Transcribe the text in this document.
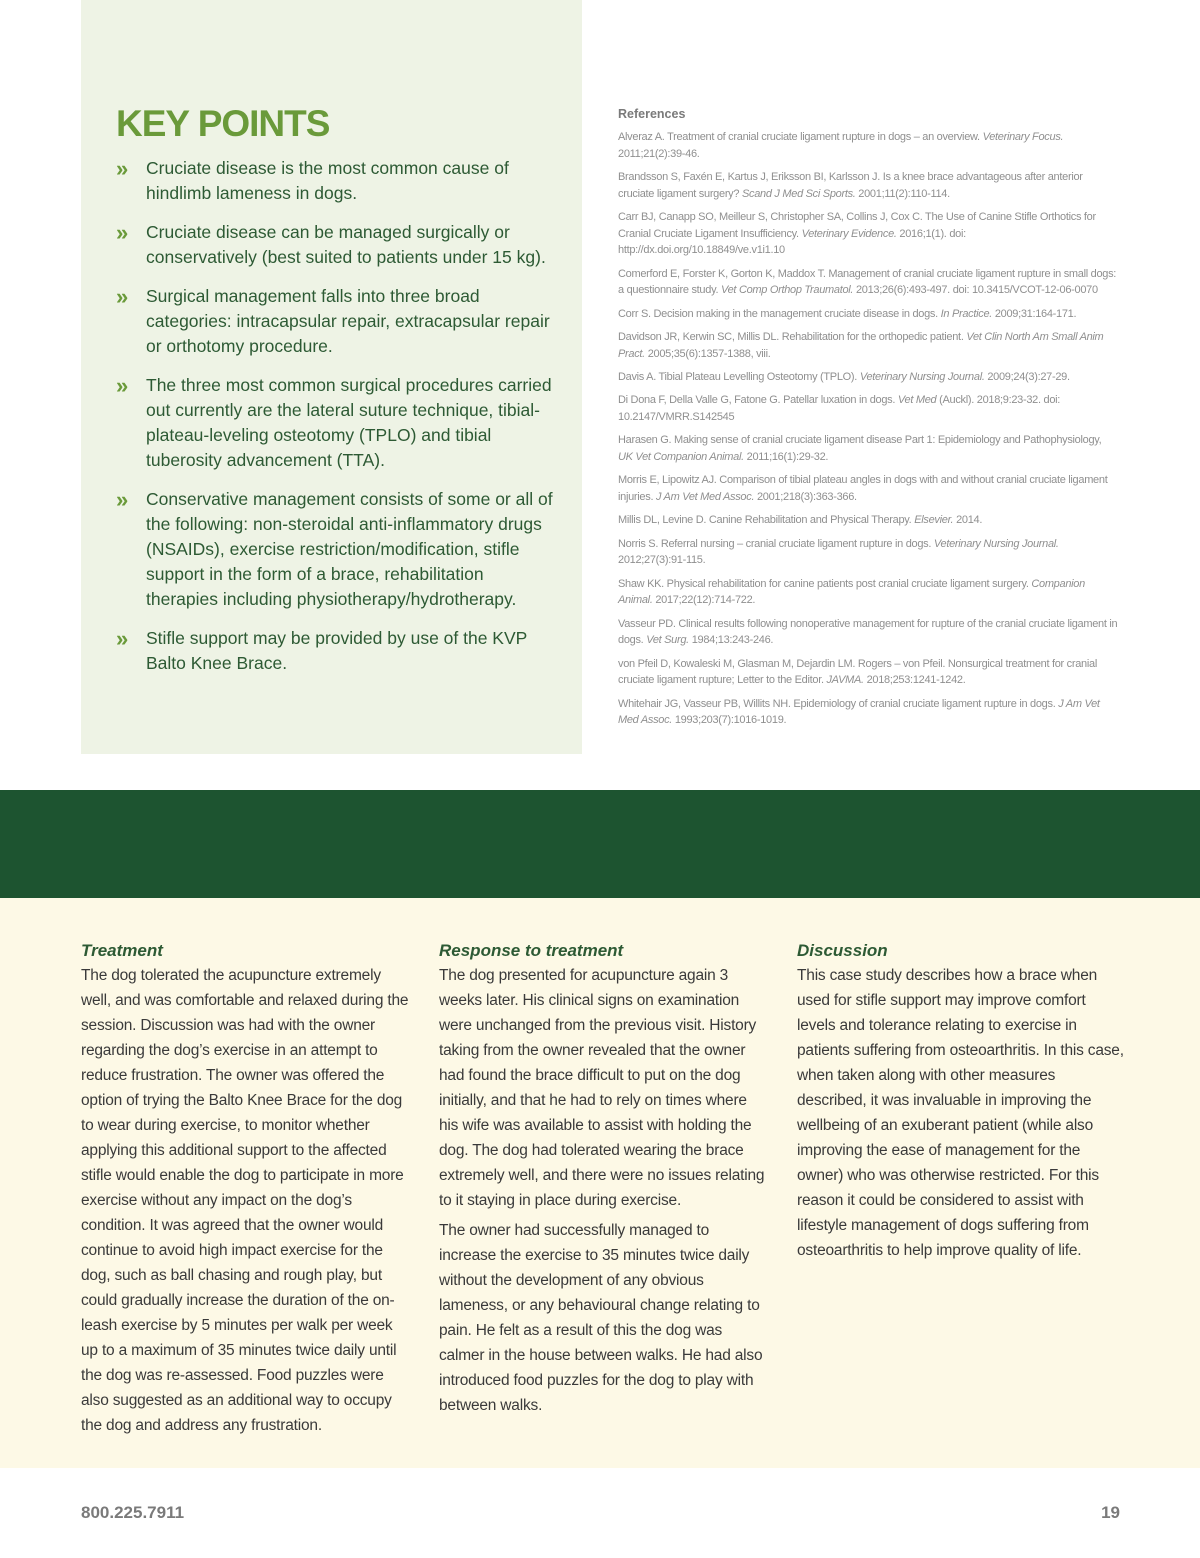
KEY POINTS
» Cruciate disease is the most common cause of hindlimb lameness in dogs.
» Cruciate disease can be managed surgically or conservatively (best suited to patients under 15 kg).
» Surgical management falls into three broad categories: intracapsular repair, extracapsular repair or orthotomy procedure.
» The three most common surgical procedures carried out currently are the lateral suture technique, tibial-plateau-leveling osteotomy (TPLO) and tibial tuberosity advancement (TTA).
» Conservative management consists of some or all of the following: non-steroidal anti-inflammatory drugs (NSAIDs), exercise restriction/modification, stifle support in the form of a brace, rehabilitation therapies including physiotherapy/hydrotherapy.
» Stifle support may be provided by use of the KVP Balto Knee Brace.
References
Alveraz A. Treatment of cranial cruciate ligament rupture in dogs – an overview. Veterinary Focus. 2011;21(2):39-46.
Brandsson S, Faxén E, Kartus J, Eriksson BI, Karlsson J. Is a knee brace advantageous after anterior cruciate ligament surgery? Scand J Med Sci Sports. 2001;11(2):110-114.
Carr BJ, Canapp SO, Meilleur S, Christopher SA, Collins J, Cox C. The Use of Canine Stifle Orthotics for Cranial Cruciate Ligament Insufficiency. Veterinary Evidence. 2016;1(1). doi: http://dx.doi.org/10.18849/ve.v1i1.10
Comerford E, Forster K, Gorton K, Maddox T. Management of cranial cruciate ligament rupture in small dogs: a questionnaire study. Vet Comp Orthop Traumatol. 2013;26(6):493-497. doi: 10.3415/VCOT-12-06-0070
Corr S. Decision making in the management cruciate disease in dogs. In Practice. 2009;31:164-171.
Davidson JR, Kerwin SC, Millis DL. Rehabilitation for the orthopedic patient. Vet Clin North Am Small Anim Pract. 2005;35(6):1357-1388, viii.
Davis A. Tibial Plateau Levelling Osteotomy (TPLO). Veterinary Nursing Journal. 2009;24(3):27-29.
Di Dona F, Della Valle G, Fatone G. Patellar luxation in dogs. Vet Med (Auckl). 2018;9:23-32. doi: 10.2147/VMRR.S142545
Harasen G. Making sense of cranial cruciate ligament disease Part 1: Epidemiology and Pathophysiology, UK Vet Companion Animal. 2011;16(1):29-32.
Morris E, Lipowitz AJ. Comparison of tibial plateau angles in dogs with and without cranial cruciate ligament injuries. J Am Vet Med Assoc. 2001;218(3):363-366.
Millis DL, Levine D. Canine Rehabilitation and Physical Therapy. Elsevier. 2014.
Norris S. Referral nursing – cranial cruciate ligament rupture in dogs. Veterinary Nursing Journal. 2012;27(3):91-115.
Shaw KK. Physical rehabilitation for canine patients post cranial cruciate ligament surgery. Companion Animal. 2017;22(12):714-722.
Vasseur PD. Clinical results following nonoperative management for rupture of the cranial cruciate ligament in dogs. Vet Surg. 1984;13:243-246.
von Pfeil D, Kowaleski M, Glasman M, Dejardin LM. Rogers – von Pfeil. Nonsurgical treatment for cranial cruciate ligament rupture; Letter to the Editor. JAVMA. 2018;253:1241-1242.
Whitehair JG, Vasseur PB, Willits NH. Epidemiology of cranial cruciate ligament rupture in dogs. J Am Vet Med Assoc. 1993;203(7):1016-1019.
Treatment

The dog tolerated the acupuncture extremely well, and was comfortable and relaxed during the session. Discussion was had with the owner regarding the dog’s exercise in an attempt to reduce frustration. The owner was offered the option of trying the Balto Knee Brace for the dog to wear during exercise, to monitor whether applying this additional support to the affected stifle would enable the dog to participate in more exercise without any impact on the dog’s condition. It was agreed that the owner would continue to avoid high impact exercise for the dog, such as ball chasing and rough play, but could gradually increase the duration of the on-leash exercise by 5 minutes per walk per week up to a maximum of 35 minutes twice daily until the dog was re-assessed. Food puzzles were also suggested as an additional way to occupy the dog and address any frustration.

Response to treatment

The dog presented for acupuncture again 3 weeks later. His clinical signs on examination were unchanged from the previous visit. History taking from the owner revealed that the owner had found the brace difficult to put on the dog initially, and that he had to rely on times where his wife was available to assist with holding the dog. The dog had tolerated wearing the brace extremely well, and there were no issues relating to it staying in place during exercise.

The owner had successfully managed to increase the exercise to 35 minutes twice daily without the development of any obvious lameness, or any behavioural change relating to pain. He felt as a result of this the dog was calmer in the house between walks. He had also introduced food puzzles for the dog to play with between walks.

Discussion

This case study describes how a brace when used for stifle support may improve comfort levels and tolerance relating to exercise in patients suffering from osteoarthritis. In this case, when taken along with other measures described, it was invaluable in improving the wellbeing of an exuberant patient (while also improving the ease of management for the owner) who was otherwise restricted. For this reason it could be considered to assist with lifestyle management of dogs suffering from osteoarthritis to help improve quality of life.

800.225.7911	19
